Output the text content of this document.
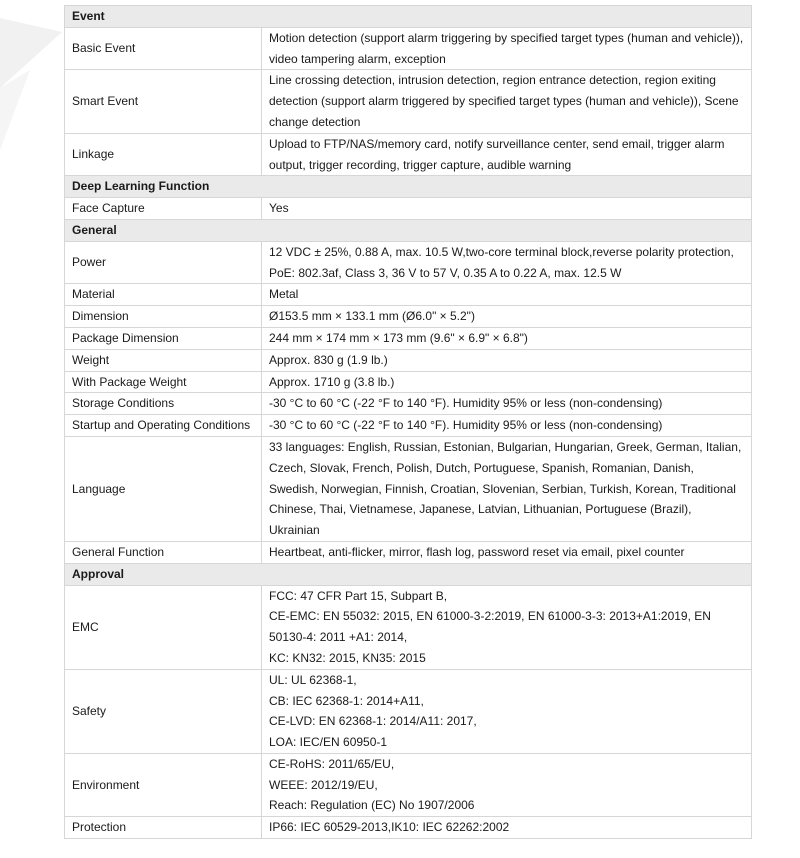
Event	
Basic Event	Motion detection (support alarm triggering by specified target types (human and vehicle)), video tampering alarm, exception

Smart Event	Line crossing detection, intrusion detection, region entrance detection, region exiting detection (support alarm triggered by specified target types (human and vehicle)), Scene change detection

Linkage	Upload to FTP/NAS/memory card, notify surveillance center, send email, trigger alarm output, trigger recording, trigger capture, audible warning

Deep Learning Function	
Face Capture	Yes

General	
Power	12 VDC ± 25%, 0.88 A, max. 10.5 W,two-core terminal block,reverse polarity protection,
PoE: 802.3af, Class 3, 36 V to 57 V, 0.35 A to 0.22 A, max. 12.5 W

Material	Metal

Dimension	Ø153.5 mm × 133.1 mm (Ø6.0" × 5.2")

Package Dimension	244 mm × 174 mm × 173 mm (9.6" × 6.9" × 6.8")

Weight	Approx. 830 g (1.9 lb.)

With Package Weight	Approx. 1710 g (3.8 lb.)

Storage Conditions	-30 °C to 60 °C (-22 °F to 140 °F). Humidity 95% or less (non-condensing)

Startup and Operating Conditions	-30 °C to 60 °C (-22 °F to 140 °F). Humidity 95% or less (non-condensing)

Language	33 languages: English, Russian, Estonian, Bulgarian, Hungarian, Greek, German, Italian, Czech, Slovak, French, Polish, Dutch, Portuguese, Spanish, Romanian, Danish, Swedish, Norwegian, Finnish, Croatian, Slovenian, Serbian, Turkish, Korean, Traditional Chinese, Thai, Vietnamese, Japanese, Latvian, Lithuanian, Portuguese (Brazil), Ukrainian

General Function	Heartbeat, anti-flicker, mirror, flash log, password reset via email, pixel counter

Approval	
EMC	FCC: 47 CFR Part 15, Subpart B,
CE-EMC: EN 55032: 2015, EN 61000-3-2:2019, EN 61000-3-3: 2013+A1:2019, EN 50130-4: 2011 +A1: 2014,
KC: KN32: 2015, KN35: 2015

Safety	UL: UL 62368-1,
CB: IEC 62368-1: 2014+A11,
CE-LVD: EN 62368-1: 2014/A11: 2017,
LOA: IEC/EN 60950-1

Environment	CE-RoHS: 2011/65/EU,
WEEE: 2012/19/EU,
Reach: Regulation (EC) No 1907/2006

Protection	IP66: IEC 60529-2013,IK10: IEC 62262:2002
